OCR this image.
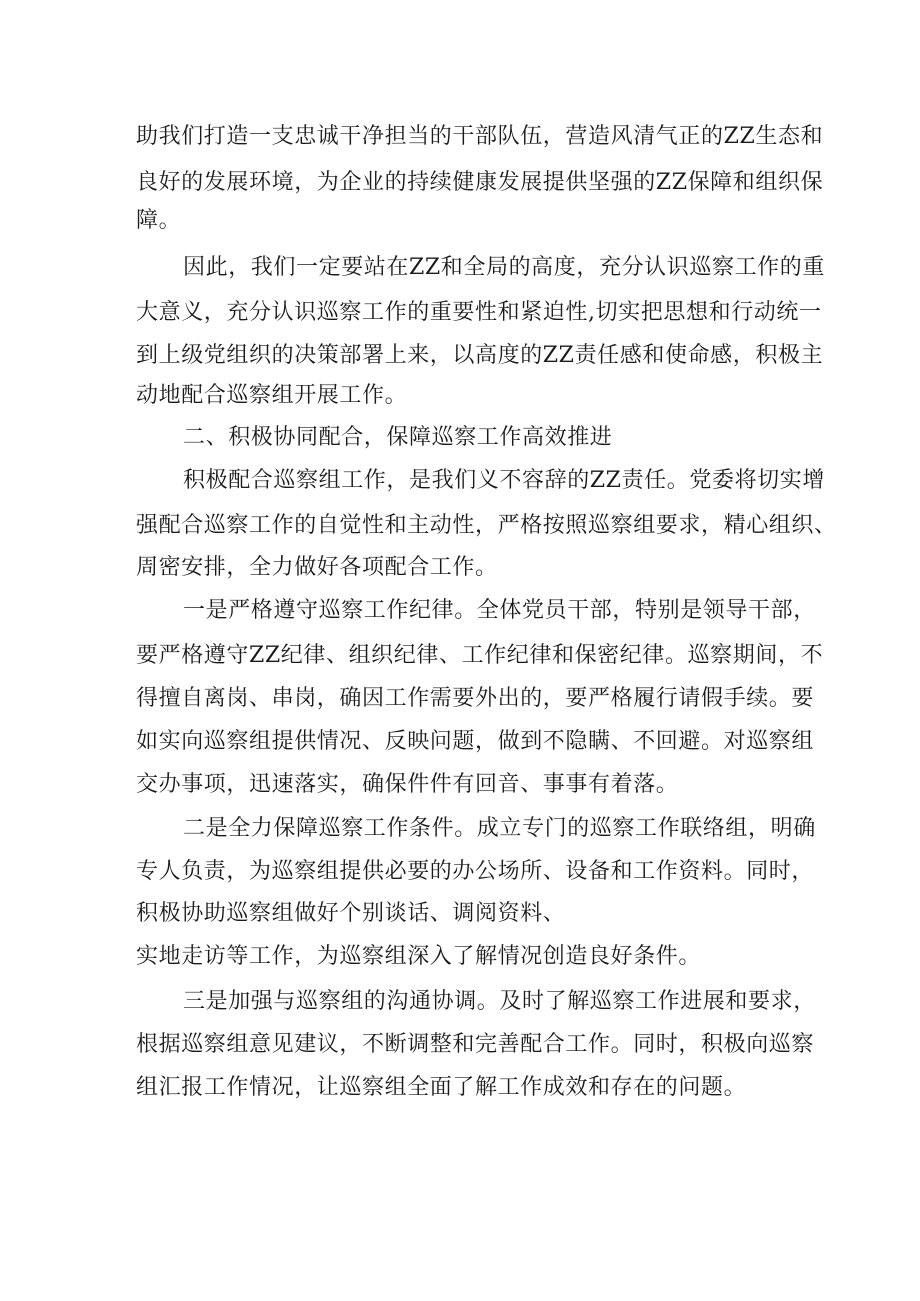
助我们打造一支忠诚干净担当的干部队伍，营造风清气正的ZZ生态和
良好的发展环境，为企业的持续健康发展提供坚强的ZZ保障和组织保
障。
因此，我们一定要站在ZZ和全局的高度，充分认识巡察工作的重
大意义，充分认识巡察工作的重要性和紧迫性,切实把思想和行动统一
到上级党组织的决策部署上来，以高度的ZZ责任感和使命感，积极主
动地配合巡察组开展工作。
二、积极协同配合，保障巡察工作高效推进
积极配合巡察组工作，是我们义不容辞的ZZ责任。党委将切实增
强配合巡察工作的自觉性和主动性，严格按照巡察组要求，精心组织、
周密安排，全力做好各项配合工作。
一是严格遵守巡察工作纪律。全体党员干部，特别是领导干部，
要严格遵守ZZ纪律、组织纪律、工作纪律和保密纪律。巡察期间，不
得擅自离岗、串岗，确因工作需要外出的，要严格履行请假手续。要
如实向巡察组提供情况、反映问题，做到不隐瞒、不回避。对巡察组
交办事项，迅速落实，确保件件有回音、事事有着落。
二是全力保障巡察工作条件。成立专门的巡察工作联络组，明确
专人负责，为巡察组提供必要的办公场所、设备和工作资料。同时，
积极协助巡察组做好个别谈话、调阅资料、
实地走访等工作，为巡察组深入了解情况创造良好条件。
三是加强与巡察组的沟通协调。及时了解巡察工作进展和要求，
根据巡察组意见建议，不断调整和完善配合工作。同时，积极向巡察
组汇报工作情况，让巡察组全面了解工作成效和存在的问题。
